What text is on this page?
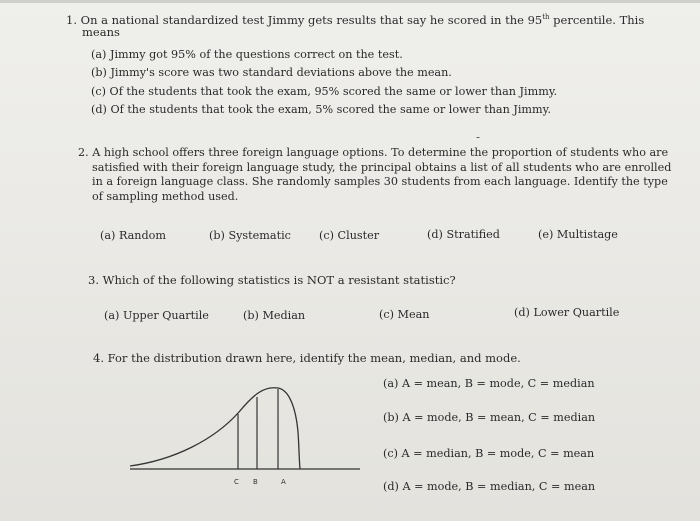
1. On a national standardized test Jimmy gets results that say he scored in the 95th percentile. This
means
(a) Jimmy got 95% of the questions correct on the test.
(b) Jimmy's score was two standard deviations above the mean.
(c) Of the students that took the exam, 95% scored the same or lower than Jimmy.
(d) Of the students that took the exam, 5% scored the same or lower than Jimmy.
-
2. A high school offers three foreign language options. To determine the proportion of students who are
satisfied with their foreign language study, the principal obtains a list of all students who are enrolled
in a foreign language class. She randomly samples 30 students from each language. Identify the type
of sampling method used.
(a) Random	(b) Systematic	(c) Cluster	(d) Stratified	(e) Multistage
3. Which of the following statistics is NOT a resistant statistic?
(a) Upper Quartile	(b) Median	(c) Mean	(d) Lower Quartile
4. For the distribution drawn here, identify the mean, median, and mode.
(a) A = mean, B = mode, C = median
(b) A = mode, B = mean, C = median
(c) A = median, B = mode, C = mean
(d) A = mode, B = median, C = mean
C B	A
